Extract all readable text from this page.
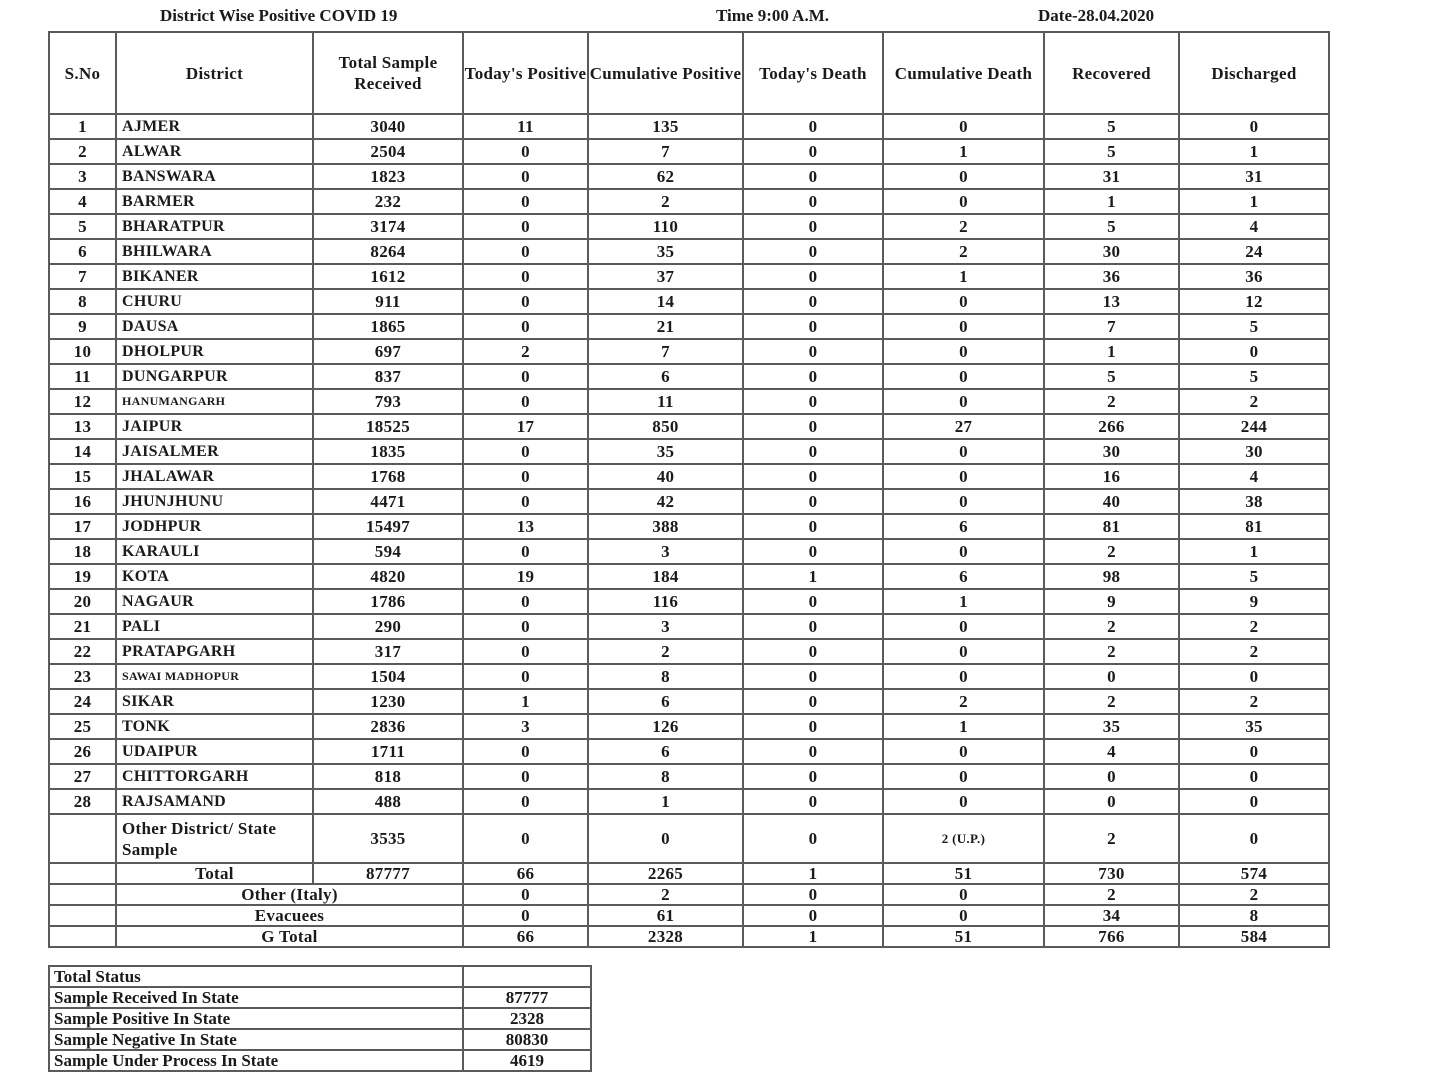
District Wise Positive COVID 19	Time 9:00 A.M.	Date-28.04.2020
S.No	District	Total Sample Received	Today's Positive	Cumulative Positive	Today's Death	Cumulative Death	Recovered	Discharged
1	AJMER	3040	11	135	0	0	5	0
2	ALWAR	2504	0	7	0	1	5	1
3	BANSWARA	1823	0	62	0	0	31	31
4	BARMER	232	0	2	0	0	1	1
5	BHARATPUR	3174	0	110	0	2	5	4
6	BHILWARA	8264	0	35	0	2	30	24
7	BIKANER	1612	0	37	0	1	36	36
8	CHURU	911	0	14	0	0	13	12
9	DAUSA	1865	0	21	0	0	7	5
10	DHOLPUR	697	2	7	0	0	1	0
11	DUNGARPUR	837	0	6	0	0	5	5
12	HANUMANGARH	793	0	11	0	0	2	2
13	JAIPUR	18525	17	850	0	27	266	244
14	JAISALMER	1835	0	35	0	0	30	30
15	JHALAWAR	1768	0	40	0	0	16	4
16	JHUNJHUNU	4471	0	42	0	0	40	38
17	JODHPUR	15497	13	388	0	6	81	81
18	KARAULI	594	0	3	0	0	2	1
19	KOTA	4820	19	184	1	6	98	5
20	NAGAUR	1786	0	116	0	1	9	9
21	PALI	290	0	3	0	0	2	2
22	PRATAPGARH	317	0	2	0	0	2	2
23	SAWAI MADHOPUR	1504	0	8	0	0	0	0
24	SIKAR	1230	1	6	0	2	2	2
25	TONK	2836	3	126	0	1	35	35
26	UDAIPUR	1711	0	6	0	0	4	0
27	CHITTORGARH	818	0	8	0	0	0	0
28	RAJSAMAND	488	0	1	0	0	0	0
	Other District/ State Sample	3535	0	0	0	2 (U.P.)	2	0
	Total	87777	66	2265	1	51	730	574
	Other (Italy)		0	2	0	0	2	2
	Evacuees		0	61	0	0	34	8
	G Total		66	2328	1	51	766	584
Total Status	
Sample Received In State	87777
Sample Positive In State	2328
Sample Negative In State	80830
Sample Under Process In State	4619
